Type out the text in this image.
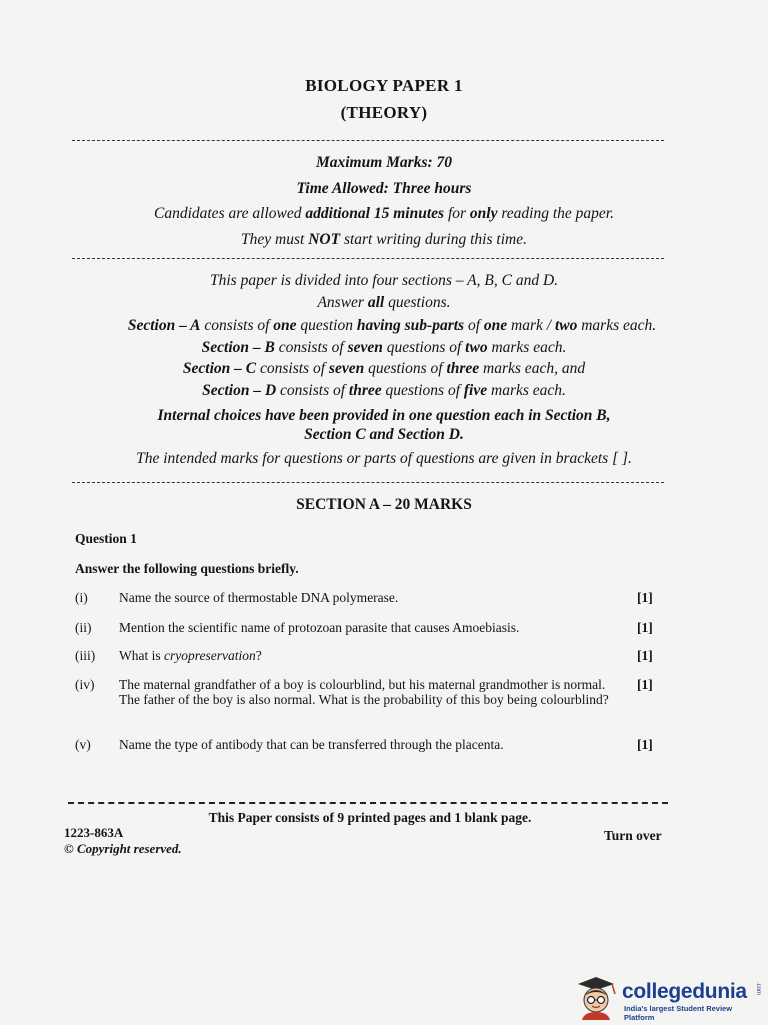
BIOLOGY PAPER 1
(THEORY)
Maximum Marks: 70
Time Allowed: Three hours
Candidates are allowed additional 15 minutes for only reading the paper.
They must NOT start writing during this time.
This paper is divided into four sections – A, B, C and D.
Answer all questions.
Section – A consists of one question having sub-parts of one mark / two marks each.
Section – B consists of seven questions of two marks each.
Section – C consists of seven questions of three marks each, and
Section – D consists of three questions of five marks each.
Internal choices have been provided in one question each in Section B,
Section C and Section D.
The intended marks for questions or parts of questions are given in brackets [ ].
SECTION A – 20 MARKS
Question 1
Answer the following questions briefly.
(i) Name the source of thermostable DNA polymerase.	[1]
(ii) Mention the scientific name of protozoan parasite that causes Amoebiasis.	[1]
(iii) What is cryopreservation?	[1]
(iv) The maternal grandfather of a boy is colourblind, but his maternal grandmother is normal. The father of the boy is also normal. What is the probability of this boy being colourblind?
[1]
(v) Name the type of antibody that can be transferred through the placenta.	[1]
This Paper consists of 9 printed pages and 1 blank page.
1223-863A
© Copyright reserved.
Turn over
collegedunia
India's largest Student Review Platform
.com
